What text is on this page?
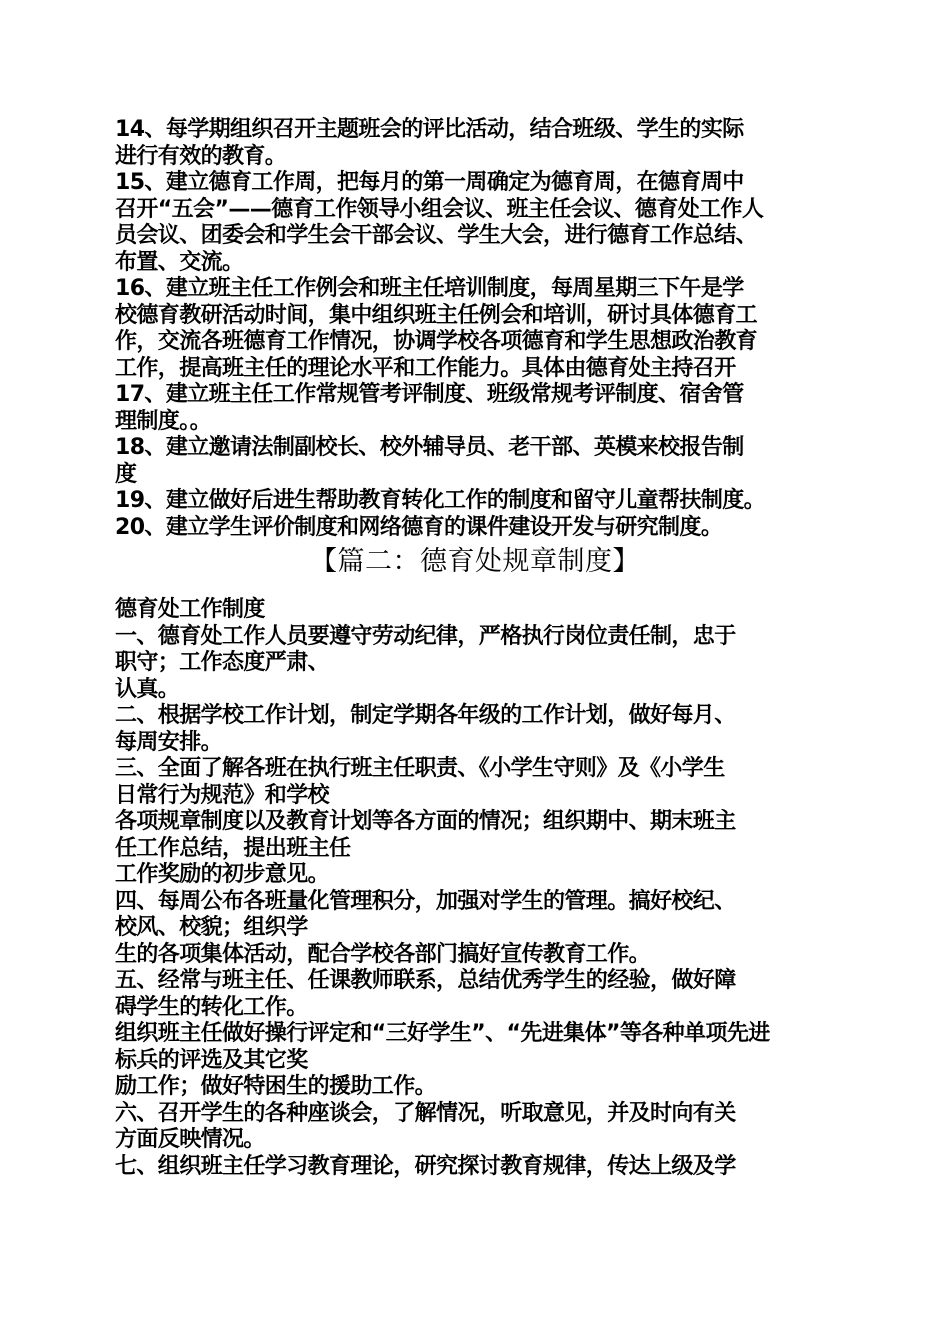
14、每学期组织召开主题班会的评比活动，结合班级、学生的实际
进行有效的教育。
15、建立德育工作周，把每月的第一周确定为德育周，在德育周中
召开“五会”——德育工作领导小组会议、班主任会议、德育处工作人
员会议、团委会和学生会干部会议、学生大会，进行德育工作总结、
布置、交流。
16、建立班主任工作例会和班主任培训制度，每周星期三下午是学
校德育教研活动时间，集中组织班主任例会和培训，研讨具体德育工
作，交流各班德育工作情况，协调学校各项德育和学生思想政治教育
工作，提高班主任的理论水平和工作能力。具体由德育处主持召开
17、建立班主任工作常规管考评制度、班级常规考评制度、宿舍管
理制度。。
18、建立邀请法制副校长、校外辅导员、老干部、英模来校报告制
度
19、建立做好后进生帮助教育转化工作的制度和留守儿童帮扶制度。
20、建立学生评价制度和网络德育的课件建设开发与研究制度。
【篇二：德育处规章制度】
德育处工作制度
一、德育处工作人员要遵守劳动纪律，严格执行岗位责任制，忠于
职守；工作态度严肃、
认真。
二、根据学校工作计划，制定学期各年级的工作计划，做好每月、
每周安排。
三、全面了解各班在执行班主任职责、《小学生守则》及《小学生
日常行为规范》和学校
各项规章制度以及教育计划等各方面的情况；组织期中、期末班主
任工作总结，提出班主任
工作奖励的初步意见。
四、每周公布各班量化管理积分，加强对学生的管理。搞好校纪、
校风、校貌；组织学
生的各项集体活动，配合学校各部门搞好宣传教育工作。
五、经常与班主任、任课教师联系，总结优秀学生的经验，做好障
碍学生的转化工作。
组织班主任做好操行评定和“三好学生”、“先进集体”等各种单项先进
标兵的评选及其它奖
励工作；做好特困生的援助工作。
六、召开学生的各种座谈会，了解情况，听取意见，并及时向有关
方面反映情况。
七、组织班主任学习教育理论，研究探讨教育规律，传达上级及学
